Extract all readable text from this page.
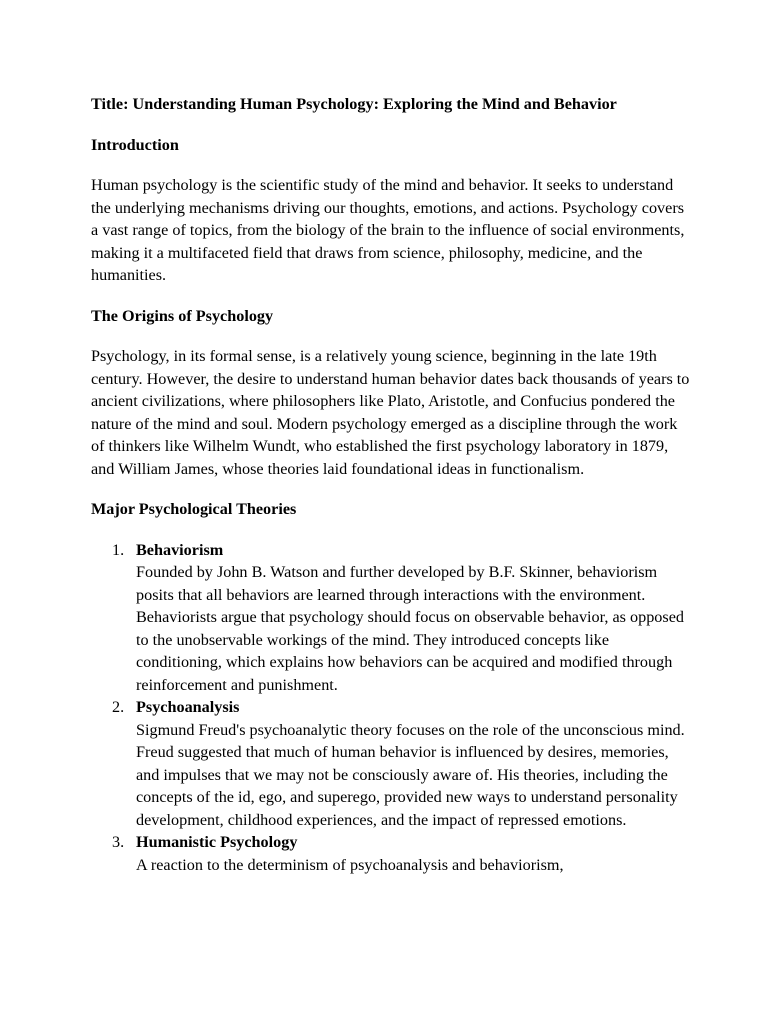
Title: Understanding Human Psychology: Exploring the Mind and Behavior
Introduction

Human psychology is the scientific study of the mind and behavior. It seeks to understand the underlying mechanisms driving our thoughts, emotions, and actions. Psychology covers a vast range of topics, from the biology of the brain to the influence of social environments, making it a multifaceted field that draws from science, philosophy, medicine, and the humanities.

The Origins of Psychology

Psychology, in its formal sense, is a relatively young science, beginning in the late 19th century. However, the desire to understand human behavior dates back thousands of years to ancient civilizations, where philosophers like Plato, Aristotle, and Confucius pondered the nature of the mind and soul. Modern psychology emerged as a discipline through the work of thinkers like Wilhelm Wundt, who established the first psychology laboratory in 1879, and William James, whose theories laid foundational ideas in functionalism.

Major Psychological Theories
1. Behaviorism
Founded by John B. Watson and further developed by B.F. Skinner, behaviorism posits that all behaviors are learned through interactions with the environment. Behaviorists argue that psychology should focus on observable behavior, as opposed to the unobservable workings of the mind. They introduced concepts like conditioning, which explains how behaviors can be acquired and modified through reinforcement and punishment.
2. Psychoanalysis
Sigmund Freud's psychoanalytic theory focuses on the role of the unconscious mind. Freud suggested that much of human behavior is influenced by desires, memories, and impulses that we may not be consciously aware of. His theories, including the concepts of the id, ego, and superego, provided new ways to understand personality development, childhood experiences, and the impact of repressed emotions.
3. Humanistic Psychology
A reaction to the determinism of psychoanalysis and behaviorism,
